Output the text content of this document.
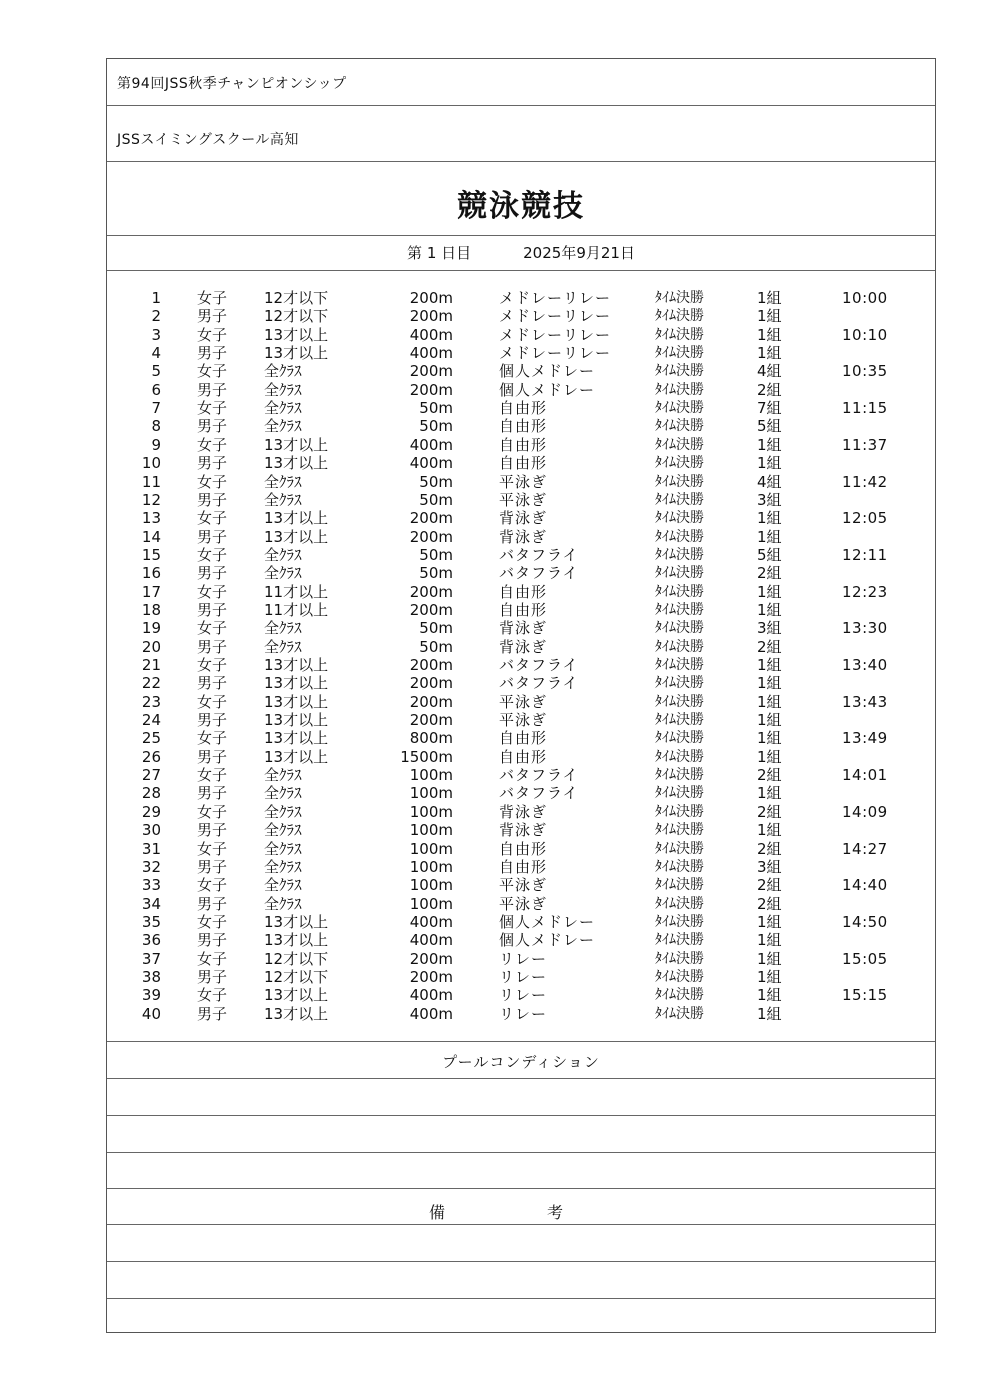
第94回JSS秋季チャンピオンシップ
JSSスイミングスクール高知
競泳競技
第 1 日目	2025年9月21日
1 女子 12才以下	200m	メドレーリレー	ﾀｲﾑ決勝	1組	10:00
2 男子 12才以下	200m	メドレーリレー	ﾀｲﾑ決勝	1組
3 女子 13才以上	400m	メドレーリレー	ﾀｲﾑ決勝	1組	10:10
4 男子 13才以上	400m	メドレーリレー	ﾀｲﾑ決勝	1組
5 女子 全ｸﾗｽ	200m	個人メドレー	ﾀｲﾑ決勝	4組	10:35
6 男子 全ｸﾗｽ	200m	個人メドレー	ﾀｲﾑ決勝	2組
7 女子 全ｸﾗｽ	50m	自由形	ﾀｲﾑ決勝	7組	11:15
8 男子 全ｸﾗｽ	50m	自由形	ﾀｲﾑ決勝	5組
9 女子 13才以上	400m	自由形	ﾀｲﾑ決勝	1組	11:37
10 男子 13才以上	400m	自由形	ﾀｲﾑ決勝	1組
11 女子 全ｸﾗｽ	50m	平泳ぎ	ﾀｲﾑ決勝	4組	11:42
12 男子 全ｸﾗｽ	50m	平泳ぎ	ﾀｲﾑ決勝	3組
13 女子 13才以上	200m	背泳ぎ	ﾀｲﾑ決勝	1組	12:05
14 男子 13才以上	200m	背泳ぎ	ﾀｲﾑ決勝	1組
15 女子 全ｸﾗｽ	50m	バタフライ	ﾀｲﾑ決勝	5組	12:11
16 男子 全ｸﾗｽ	50m	バタフライ	ﾀｲﾑ決勝	2組
17 女子 11才以上	200m	自由形	ﾀｲﾑ決勝	1組	12:23
18 男子 11才以上	200m	自由形	ﾀｲﾑ決勝	1組
19 女子 全ｸﾗｽ	50m	背泳ぎ	ﾀｲﾑ決勝	3組	13:30
20 男子 全ｸﾗｽ	50m	背泳ぎ	ﾀｲﾑ決勝	2組
21 女子 13才以上	200m	バタフライ	ﾀｲﾑ決勝	1組	13:40
22 男子 13才以上	200m	バタフライ	ﾀｲﾑ決勝	1組
23 女子 13才以上	200m	平泳ぎ	ﾀｲﾑ決勝	1組	13:43
24 男子 13才以上	200m	平泳ぎ	ﾀｲﾑ決勝	1組
25 女子 13才以上	800m	自由形	ﾀｲﾑ決勝	1組	13:49
26 男子 13才以上	1500m	自由形	ﾀｲﾑ決勝	1組
27 女子 全ｸﾗｽ	100m	バタフライ	ﾀｲﾑ決勝	2組	14:01
28 男子 全ｸﾗｽ	100m	バタフライ	ﾀｲﾑ決勝	1組
29 女子 全ｸﾗｽ	100m	背泳ぎ	ﾀｲﾑ決勝	2組	14:09
30 男子 全ｸﾗｽ	100m	背泳ぎ	ﾀｲﾑ決勝	1組
31 女子 全ｸﾗｽ	100m	自由形	ﾀｲﾑ決勝	2組	14:27
32 男子 全ｸﾗｽ	100m	自由形	ﾀｲﾑ決勝	3組
33 女子 全ｸﾗｽ	100m	平泳ぎ	ﾀｲﾑ決勝	2組	14:40
34 男子 全ｸﾗｽ	100m	平泳ぎ	ﾀｲﾑ決勝	2組
35 女子 13才以上	400m	個人メドレー	ﾀｲﾑ決勝	1組	14:50
36 男子 13才以上	400m	個人メドレー	ﾀｲﾑ決勝	1組
37 女子 12才以下	200m	リレー	ﾀｲﾑ決勝	1組	15:05
38 男子 12才以下	200m	リレー	ﾀｲﾑ決勝	1組
39 女子 13才以上	400m	リレー	ﾀｲﾑ決勝	1組	15:15
40 男子 13才以上	400m	リレー	ﾀｲﾑ決勝	1組
プールコンディション
備	考
